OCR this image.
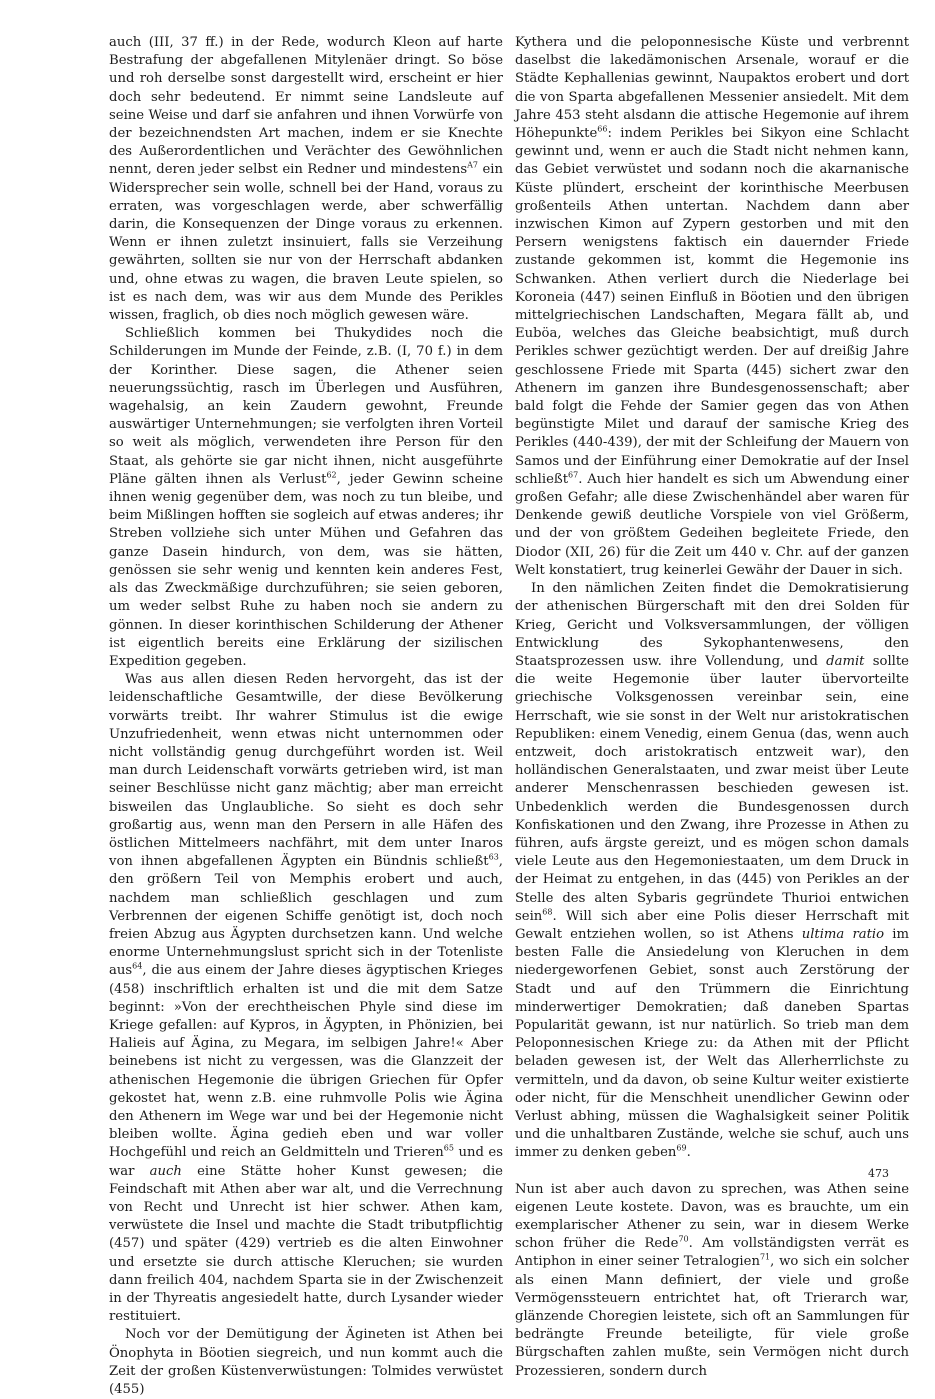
auch (III, 37 ff.) in der Rede, wodurch Kleon auf harte Bestrafung der abgefallenen Mitylenäer dringt. So böse und roh derselbe sonst dargestellt wird, erscheint er hier doch sehr bedeutend. Er nimmt seine Landsleute auf seine Weise und darf sie anfahren und ihnen Vorwürfe von der bezeichnendsten Art machen, indem er sie Knechte des Außerordentlichen und Verächter des Gewöhnlichen nennt, deren jeder selbst ein Redner und mindestens$^{A7}$ ein Widersprecher sein wolle, schnell bei der Hand, voraus zu erraten, was vorgeschlagen werde, aber schwerfällig darin, die Konsequenzen der Dinge voraus zu erkennen. Wenn er ihnen zuletzt insinuiert, falls sie Verzeihung gewährten, sollten sie nur von der Herrschaft abdanken und, ohne etwas zu wagen, die braven Leute spielen, so ist es nach dem, was wir aus dem Munde des Perikles wissen, fraglich, ob dies noch möglich gewesen wäre.

Schließlich kommen bei Thukydides noch die Schilderungen im Munde der Feinde, z.B. (I, 70 f.) in dem der Korinther. Diese sagen, die Athener seien neuerungssüchtig, rasch im Überlegen und Ausführen, wagehalsig, an kein Zaudern gewohnt, Freunde auswärtiger Unternehmungen; sie verfolgten ihren Vorteil so weit als möglich, verwendeten ihre Person für den Staat, als gehörte sie gar nicht ihnen, nicht ausgeführte Pläne gälten ihnen als Verlust$^{62}$, jeder Gewinn scheine ihnen wenig gegenüber dem, was noch zu tun bleibe, und beim Mißlingen hofften sie sogleich auf etwas anderes; ihr Streben vollziehe sich unter Mühen und Gefahren das ganze Dasein hindurch, von dem, was sie hätten, genössen sie sehr wenig und kennten kein anderes Fest, als das Zweckmäßige durchzuführen; sie seien geboren, um weder selbst Ruhe zu haben noch sie andern zu gönnen. In dieser korinthischen Schilderung der Athener ist eigentlich bereits eine Erklärung der sizilischen Expedition gegeben.

Was aus allen diesen Reden hervorgeht, das ist der leidenschaftliche Gesamtwille, der diese Bevölkerung vorwärts treibt. Ihr wahrer Stimulus ist die ewige Unzufriedenheit, wenn etwas nicht unternommen oder nicht vollständig genug durchgeführt worden ist. Weil man durch Leidenschaft vorwärts getrieben wird, ist man seiner Beschlüsse nicht ganz mächtig; aber man erreicht bisweilen das Unglaubliche. So sieht es doch sehr großartig aus, wenn man den Persern in alle Häfen des östlichen Mittelmeers nachfährt, mit dem unter Inaros von ihnen abgefallenen Ägypten ein Bündnis schließt$^{63}$, den größern Teil von Memphis erobert und auch, nachdem man schließlich geschlagen und zum Verbrennen der eigenen Schiffe genötigt ist, doch noch freien Abzug aus Ägypten durchsetzen kann. Und welche enorme Unternehmungslust spricht sich in der Totenliste aus$^{64}$, die aus einem der Jahre dieses ägyptischen Krieges (458) inschriftlich erhalten ist und die mit dem Satze beginnt: »Von der erechtheischen Phyle sind diese im Kriege gefallen: auf Kypros, in Ägypten, in Phönizien, bei Halieis auf Ägina, zu Megara, im selbigen Jahre!« Aber beinebens ist nicht zu vergessen, was die Glanzzeit der athenischen Hegemonie die übrigen Griechen für Opfer gekostet hat, wenn z.B. eine ruhmvolle Polis wie Ägina den Athenern im Wege war und bei der Hegemonie nicht bleiben wollte. Ägina gedieh eben und war voller Hochgefühl und reich an Geldmitteln und Trieren$^{65}$ und es war auch eine Stätte hoher Kunst gewesen; die Feindschaft mit Athen aber war alt, und die Verrechnung von Recht und Unrecht ist hier schwer. Athen kam, verwüstete die Insel und machte die Stadt tributpflichtig (457) und später (429) vertrieb es die alten Einwohner und ersetzte sie durch attische Kleruchen; sie wurden dann freilich 404, nachdem Sparta sie in der Zwischenzeit in der Thyreatis angesiedelt hatte, durch Lysander wieder restituiert.

Noch vor der Demütigung der Ägineten ist Athen bei Önophyta in Böotien siegreich, und nun kommt auch die Zeit der großen Küstenverwüstungen: Tolmides verwüstet (455)

Kythera und die peloponnesische Küste und verbrennt daselbst die lakedämonischen Arsenale, worauf er die Städte Kephallenias gewinnt, Naupaktos erobert und dort die von Sparta abgefallenen Messenier ansiedelt. Mit dem Jahre 453 steht alsdann die attische Hegemonie auf ihrem Höhepunkte$^{66}$: indem Perikles bei Sikyon eine Schlacht gewinnt und, wenn er auch die Stadt nicht nehmen kann, das Gebiet verwüstet und sodann noch die akarnanische Küste plündert, erscheint der korinthische Meerbusen großenteils Athen untertan. Nachdem dann aber inzwischen Kimon auf Zypern gestorben und mit den Persern wenigstens faktisch ein dauernder Friede zustande gekommen ist, kommt die Hegemonie ins Schwanken. Athen verliert durch die Niederlage bei Koroneia (447) seinen Einfluß in Böotien und den übrigen mittelgriechischen Landschaften, Megara fällt ab, und Euböa, welches das Gleiche beabsichtigt, muß durch Perikles schwer gezüchtigt werden. Der auf dreißig Jahre geschlossene Friede mit Sparta (445) sichert zwar den Athenern im ganzen ihre Bundesgenossenschaft; aber bald folgt die Fehde der Samier gegen das von Athen begünstigte Milet und darauf der samische Krieg des Perikles (440-439), der mit der Schleifung der Mauern von Samos und der Einführung einer Demokratie auf der Insel schließt$^{67}$. Auch hier handelt es sich um Abwendung einer großen Gefahr; alle diese Zwischenhändel aber waren für Denkende gewiß deutliche Vorspiele von viel Größerm, und der von größtem Gedeihen begleitete Friede, den Diodor (XII, 26) für die Zeit um 440 v. Chr. auf der ganzen Welt konstatiert, trug keinerlei Gewähr der Dauer in sich.

In den nämlichen Zeiten findet die Demokratisierung der athenischen Bürgerschaft mit den drei Solden für Krieg, Gericht und Volksversammlungen, der völligen Entwicklung des Sykophantenwesens, den Staatsprozessen usw. ihre Vollendung, und damit sollte die weite Hegemonie über lauter übervorteilte griechische Volksgenossen vereinbar sein, eine Herrschaft, wie sie sonst in der Welt nur aristokratischen Republiken: einem Venedig, einem Genua (das, wenn auch entzweit, doch aristokratisch entzweit war), den holländischen Generalstaaten, und zwar meist über Leute anderer Menschenrassen beschieden gewesen ist. Unbedenklich werden die Bundesgenossen durch Konfiskationen und den Zwang, ihre Prozesse in Athen zu führen, aufs ärgste gereizt, und es mögen schon damals viele Leute aus den Hegemoniestaaten, um dem Druck in der Heimat zu entgehen, in das (445) von Perikles an der Stelle des alten Sybaris gegründete Thurioi entwichen sein$^{68}$. Will sich aber eine Polis dieser Herrschaft mit Gewalt entziehen wollen, so ist Athens ultima ratio im besten Falle die Ansiedelung von Kleruchen in dem niedergeworfenen Gebiet, sonst auch Zerstörung der Stadt und auf den Trümmern die Einrichtung minderwertiger Demokratien; daß daneben Spartas Popularität gewann, ist nur natürlich. So trieb man dem Peloponnesischen Kriege zu: da Athen mit der Pflicht beladen gewesen ist, der Welt das Allerherrlichste zu vermitteln, und da davon, ob seine Kultur weiter existierte oder nicht, für die Menschheit unendlicher Gewinn oder Verlust abhing, müssen die Waghalsigkeit seiner Politik und die unhaltbaren Zustände, welche sie schuf, auch uns immer zu denken geben$^{69}$.

Nun ist aber auch davon zu sprechen, was Athen seine eigenen Leute kostete. Davon, was es brauchte, um ein exemplarischer Athener zu sein, war in diesem Werke schon früher die Rede$^{70}$. Am vollständigsten verrät es Antiphon in einer seiner Tetralogien$^{71}$, wo sich ein solcher als einen Mann definiert, der viele und große Vermögenssteuern entrichtet hat, oft Trierarch war, glänzende Choregien leistete, sich oft an Sammlungen für bedrängte Freunde beteiligte, für viele große Bürgschaften zahlen mußte, sein Vermögen nicht durch Prozessieren, sondern durch

473
